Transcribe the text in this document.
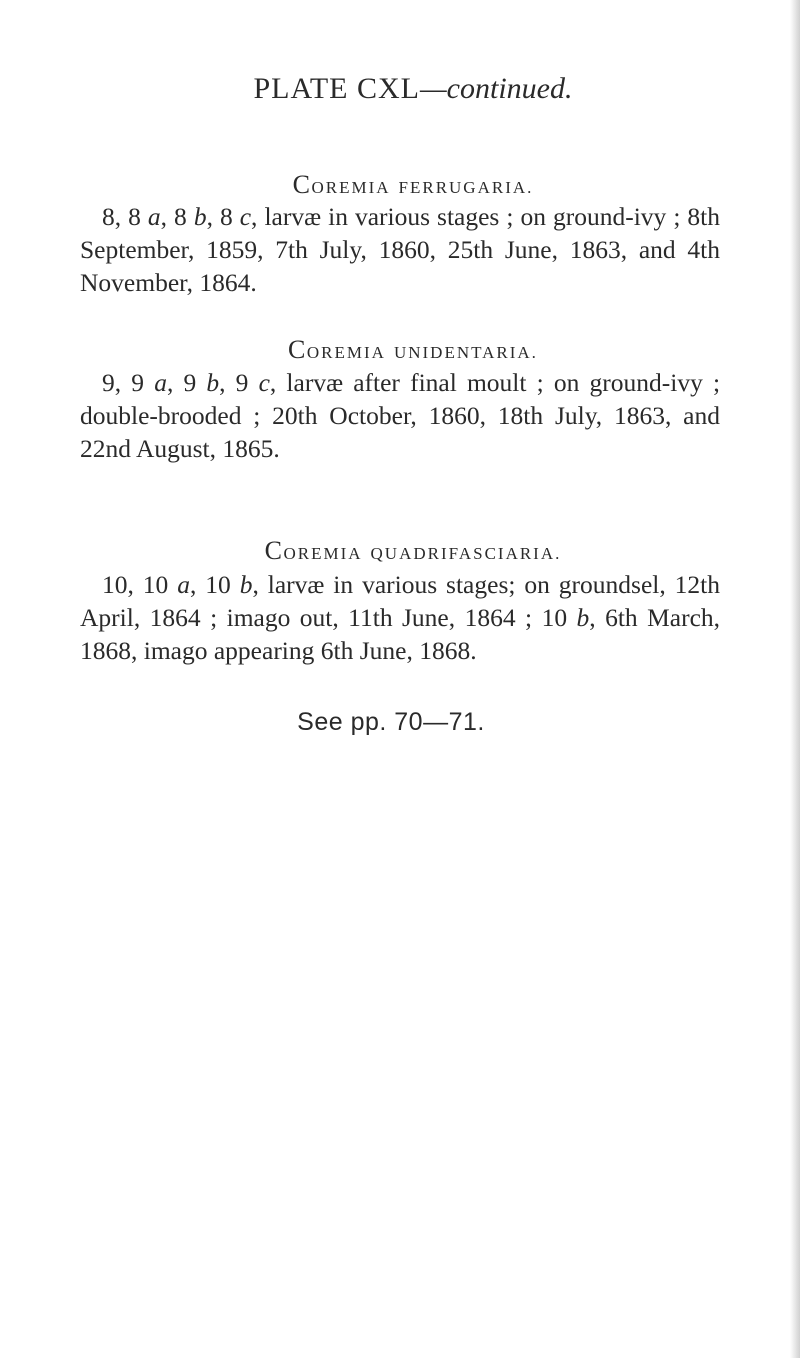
PLATE CXL—continued.
COREMIA FERRUGARIA.

8, 8 a, 8 b, 8 c, larvæ in various stages ; on ground-ivy ; 8th September, 1859, 7th July, 1860, 25th June, 1863, and 4th November, 1864.

COREMIA UNIDENTARIA.

9, 9 a, 9 b, 9 c, larvæ after final moult ; on ground-ivy ; double-brooded ; 20th October, 1860, 18th July, 1863, and 22nd August, 1865.

COREMIA QUADRIFASCIARIA.

10, 10 a, 10 b, larvæ in various stages; on groundsel, 12th April, 1864 ; imago out, 11th June, 1864 ; 10 b, 6th March, 1868, imago appearing 6th June, 1868.

See pp. 70—71.
